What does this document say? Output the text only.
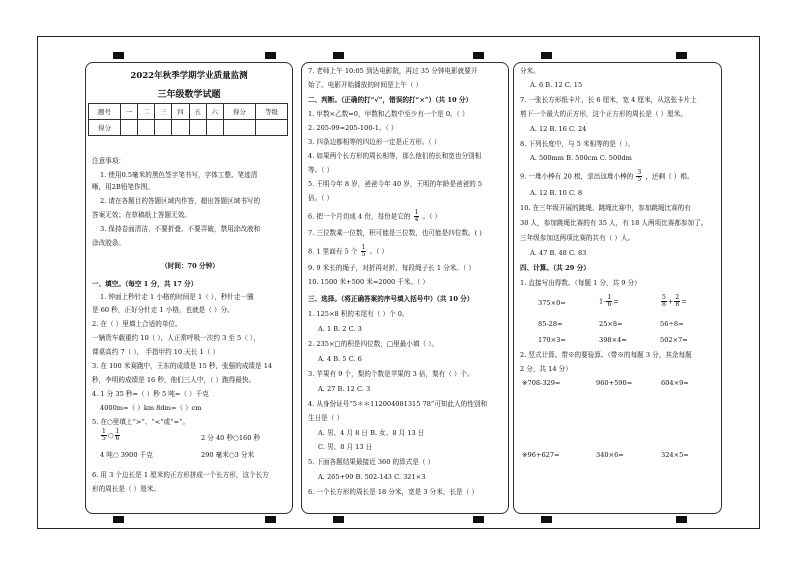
2022年秋季学期学业质量监测
三年级数学试题
题号	一	二	三	四	五	六	得分	等级
得分								
注意事项：
1. 使用0.5毫米的黑色签字笔书写，字体工整、笔迹清
晰，用2B铅笔作图。
2. 请在各题目的答题区域内作答，超出答题区域书写的
答案无效；在草稿纸上答题无效。
3. 保持卷面清洁，不要折叠、不要弄破，禁用涂改液和
涂改胶条。
（时间：70 分钟）
一、填空。（每空 1 分，共 17 分）
1. 钟面上秒针走 1 小格的时间是 1（ ），秒针走一圈
是 60 秒，正好分针走 1 小格，也就是（ ）分。
2. 在（ ）里填上合适的单位。
一辆货车载重约 10（ ），人正常呼吸一次约 3 至 5（ ），
课桌高约 7（ ）， 手指甲约 10 天长 1（ ）
3. 在 100 米赛跑中，王东的成绩是 15 秒，张强的成绩是 14
秒，李明的成绩是 16 秒，他们三人中，（ ）跑得最快。
4. 1 分 35 秒=（ ）秒 5 吨=（ ）千克
4000m=（ ）km 8dm=（ ）cm
5. 在○里填上“>”、“<”或“=”。
$\frac{1}{5}$ ○ $\frac{1}{6}$	2 分 40 秒○160 秒
4 吨○ 3900 千克	290 毫米○3 分米
6. 用 3 个边长是 1 厘米的正方形拼成一个长方形，这个长方
形的周长是（ ）厘米。
7. 老师上午 10:05 到达电影院，再过 35 分钟电影就要开
始了。电影开始播放的时间是上午（ ）
二、判断。（正确的打“√”，错误的打“×”）（共 10 分）
1. 甲数×乙数=0，甲数和乙数中至少有一个是 0。（ ）
2. 205-99=205-100-1。（ ）
3. 四条边都相等的四边形一定是正方形。（ ）
4. 如果两个长方形的周长相等，那么他们的长和宽也分别相
等。（ ）
5. 王明今年 8 岁，爸爸今年 40 岁，王明的年龄是爸爸的 5
倍。（ ）
6. 把一个月切成 4 份，每份是它的 $\frac{1}{4}$ 。（ ）
7. 三位数乘一位数，积可能是三位数，也可能是四位数。( )
8. 1 里面有 5 个 $\frac{1}{5}$ 。（ ）
9. 9 米长的绳子，对折再对折，每段绳子长 1 分米。（ ）
10. 1500 米+500 米=2000 千米。（ ）
三、选择。（将正确答案的序号填入括号中）（共 10 分）
1. 125×8 积的末尾有（ ）个 0。
A. 1 B. 2 C. 3
2. 235×□的积是四位数，□里最小填（ ）。
A. 4 B. 5 C. 6
3. 苹果有 9 个，梨的个数是苹果的 3 倍，梨有（ ）个。
A. 27 B. 12 C. 3
4. 从身份证号“5＊＊112004081315 78”可知此人的性别和
生日是（ ）
A. 男、4 月 8 日 B. 女、8 月 13 日
C. 男、8 月 13 日
5. 下面各题结果最接近 360 的算式是（ ）
A. 265+99 B. 502-143 C. 321×3
6. 一个长方形的周长是 18 分米，宽是 3 分米，长是（ ）
分米。
A. 6 B. 12 C. 15
7. 一张长方形纸卡片，长 6 厘米，宽 4 厘米，从这张卡片上
剪下一个最大的正方形，这个正方形的周长是（ ）厘米。
A. 12 B. 16 C. 24
8. 下列长度中，与 5 米相等的是（ ）。
A. 500mm B. 500cm C. 500dm
9. 一堆小棒有 20 根，拿出这堆小棒的 $\frac{3}{5}$ ，还剩（ ）根。
A. 12 B. 10 C. 8
10. 在三年级开展的跳绳、跳绳比赛中，参加跳绳比赛的有
30 人，参加跳绳比赛的有 35 人，有 18 人两项比赛都参加了。
三年级参加这两项比赛的共有（ ）人。
A. 47 B. 48 C. 83
四、计算。（共 29 分）
1. 直接写出得数。（每题 1 分，共 9 分）
375×0=	$1- \frac{1}{6}$ =	$\frac{5}{8} + \frac{2}{8}$ =
85-28=	25×8=	56÷8=
170×3=	398×4≈	502×7≈
2. 竖式计算。带※的要验算。（带※的每题 3 分，其余每题
2 分，共 14 分）
※708-329=	960+590=	604×9=
※96+627=	340×6=	324×5=
